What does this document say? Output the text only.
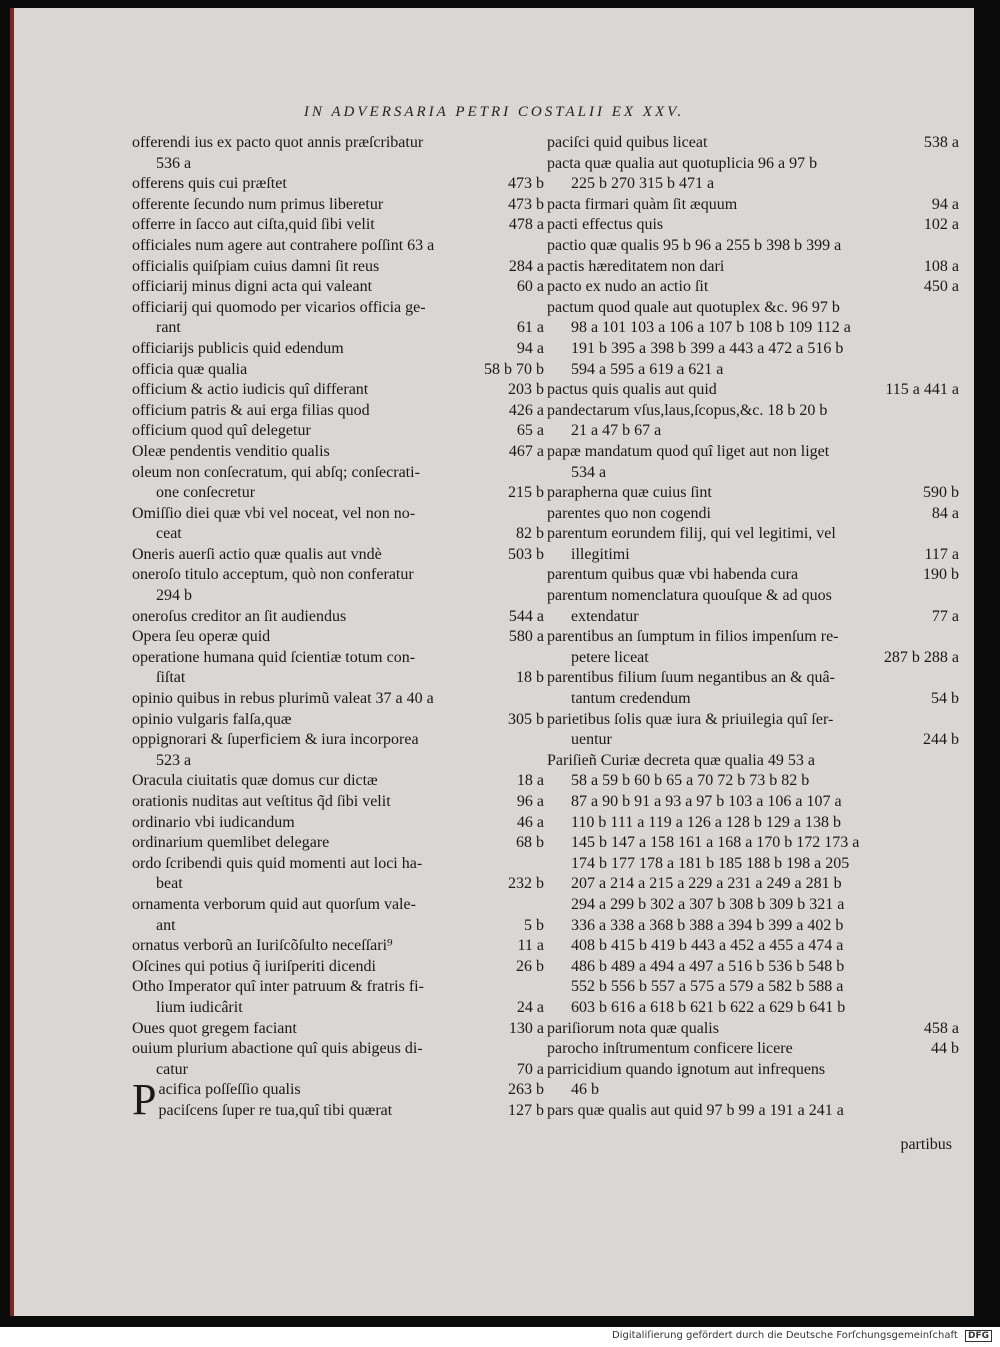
IN ADVERSARIA PETRI COSTALII EX XXV.
offerendi ius ex pacto quot annis præſcribatur
536 a
offerens quis cui præſtet	473 b
offerente ſecundo num primus liberetur	473 b
offerre in ſacco aut ciſta,quid ſibi velit	478 a
officiales num agere aut contrahere poſſint 63 a
officialis quiſpiam cuius damni ſit reus	284 a
officiarij minus digni acta qui valeant	60 a
officiarij qui quomodo per vicarios officia ge-
rant	61 a
officiarijs publicis quid edendum	94 a
officia quæ qualia	58 b 70 b
officium & actio iudicis quî differant	203 b
officium patris & aui erga filias quod	426 a
officium quod quî delegetur	65 a
Oleæ pendentis venditio qualis	467 a
oleum non conſecratum, qui abſq; conſecrati-
one conſecretur	215 b
Omiſſio diei quæ vbi vel noceat, vel non no-
ceat	82 b
Oneris auerſi actio quæ qualis aut vndè	503 b
oneroſo titulo acceptum, quò non conferatur
294 b
oneroſus creditor an ſit audiendus	544 a
Opera ſeu operæ quid	580 a
operatione humana quid ſcientiæ totum con-
ſiſtat	18 b
opinio quibus in rebus plurimũ valeat 37 a 40 a
opinio vulgaris falſa,quæ	305 b
oppignorari & ſuperficiem & iura incorporea
523 a
Oracula ciuitatis quæ domus cur dictæ	18 a
orationis nuditas aut veſtitus q̃d ſibi velit	96 a
ordinario vbi iudicandum	46 a
ordinarium quemlibet delegare	68 b
ordo ſcribendi quis quid momenti aut loci ha-
beat	232 b
ornamenta verborum quid aut quorſum vale-
ant	5 b
ornatus verborũ an Iuriſcõſulto neceſſari⁹	11 a
Oſcines qui potius q̃ iuriſperiti dicendi	26 b
Otho Imperator quî inter patruum & fratris fi-
lium iudicârit	24 a
Oues quot gregem faciant	130 a
ouium plurium abactione quî quis abigeus di-
catur	70 a
Pacifica poſſeſſio qualis	263 b
paciſcens ſuper re tua,quî tibi quærat	127 b
paciſci quid quibus liceat	538 a
pacta quæ qualia aut quotuplicia 96 a 97 b
225 b 270 315 b 471 a
pacta firmari quàm ſit æquum	94 a
pacti effectus quis	102 a
pactio quæ qualis 95 b 96 a 255 b 398 b 399 a
pactis hæreditatem non dari	108 a
pacto ex nudo an actio ſit	450 a
pactum quod quale aut quotuplex &c. 96 97 b
98 a 101 103 a 106 a 107 b 108 b 109 112 a
191 b 395 a 398 b 399 a 443 a 472 a 516 b
594 a 595 a 619 a 621 a
pactus quis qualis aut quid	115 a 441 a
pandectarum vſus,laus,ſcopus,&c. 18 b 20 b
21 a 47 b 67 a
papæ mandatum quod quî liget aut non liget
534 a
parapherna quæ cuius ſint	590 b
parentes quo non cogendi	84 a
parentum eorundem filij, qui vel legitimi, vel
illegitimi	117 a
parentum quibus quæ vbi habenda cura	190 b
parentum nomenclatura quouſque & ad quos
extendatur	77 a
parentibus an ſumptum in filios impenſum re-
petere liceat	287 b 288 a
parentibus filium ſuum negantibus an & quâ-
tantum credendum	54 b
parietibus ſolis quæ iura & priuilegia quî ſer-
uentur	244 b
Pariſieñ Curiæ decreta quæ qualia 49 53 a
58 a 59 b 60 b 65 a 70 72 b 73 b 82 b
87 a 90 b 91 a 93 a 97 b 103 a 106 a 107 a
110 b 111 a 119 a 126 a 128 b 129 a 138 b
145 b 147 a 158 161 a 168 a 170 b 172 173 a
174 b 177 178 a 181 b 185 188 b 198 a 205
207 a 214 a 215 a 229 a 231 a 249 a 281 b
294 a 299 b 302 a 307 b 308 b 309 b 321 a
336 a 338 a 368 b 388 a 394 b 399 a 402 b
408 b 415 b 419 b 443 a 452 a 455 a 474 a
486 b 489 a 494 a 497 a 516 b 536 b 548 b
552 b 556 b 557 a 575 a 579 a 582 b 588 a
603 b 616 a 618 b 621 b 622 a 629 b 641 b
pariſiorum nota quæ qualis	458 a
parocho inſtrumentum conficere licere	44 b
parricidium quando ignotum aut infrequens
46 b
pars quæ qualis aut quid 97 b 99 a 191 a 241 a
partibus
Digitaliſierung gefördert durch die Deutsche Forſchungsgemeinſchaft DFG
